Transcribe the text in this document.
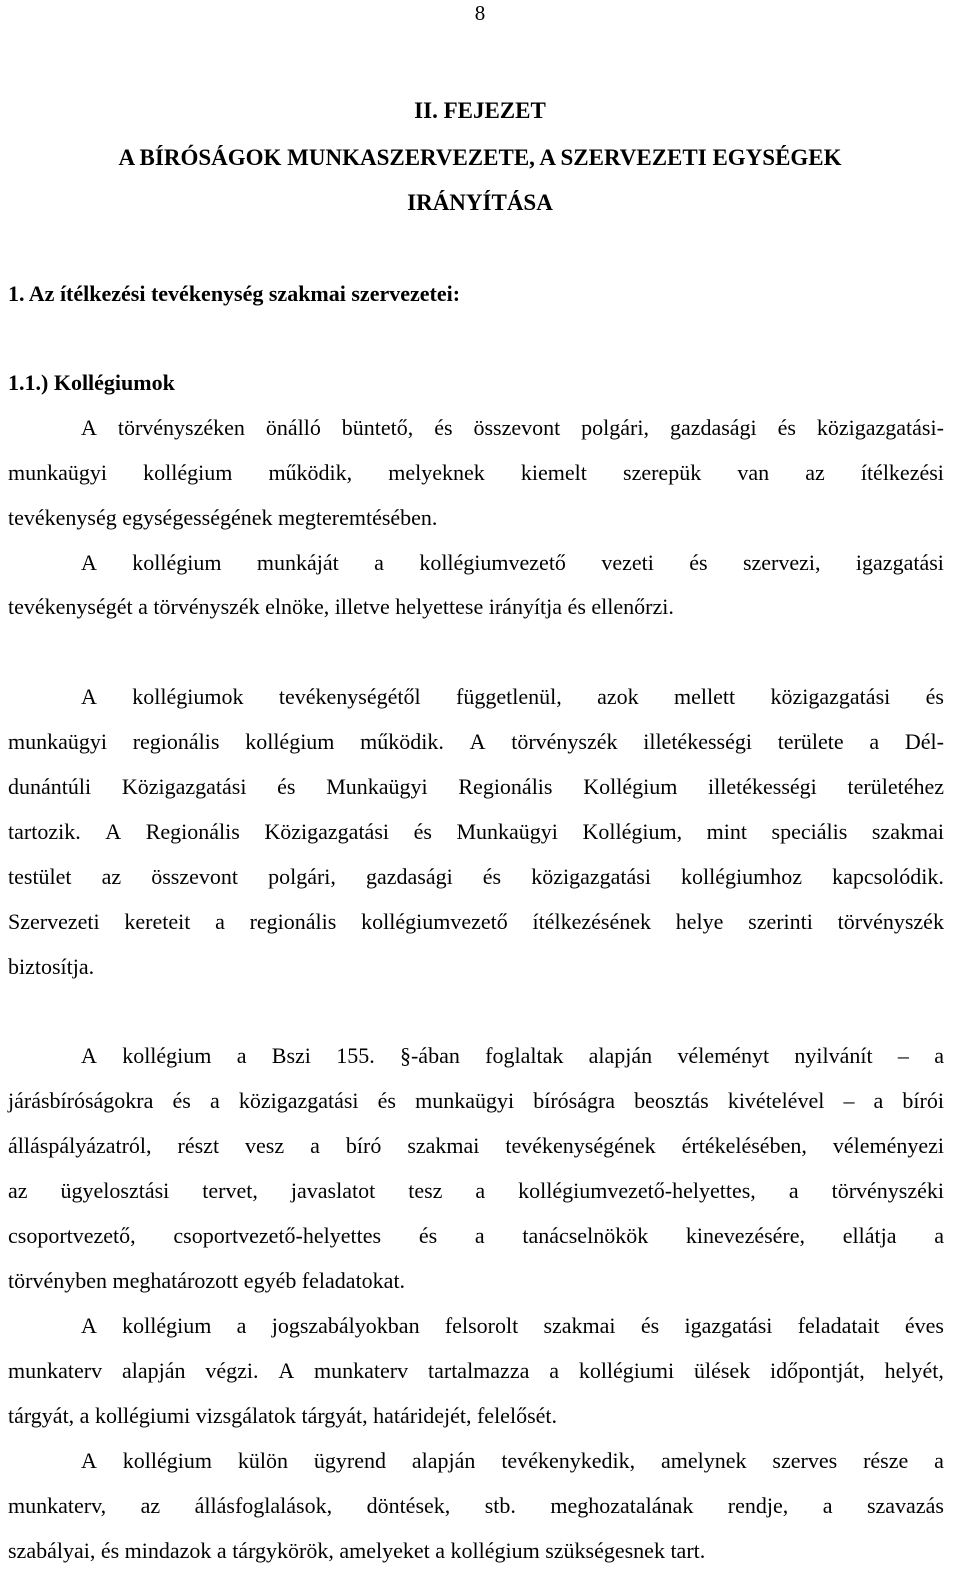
8
II. FEJEZET
A BÍRÓSÁGOK MUNKASZERVEZETE, A SZERVEZETI EGYSÉGEK
IRÁNYÍTÁSA
1. Az ítélkezési tevékenység szakmai szervezetei:
1.1.) Kollégiumok
A törvényszéken önálló büntető, és összevont polgári, gazdasági és közigazgatási-
munkaügyi kollégium működik, melyeknek kiemelt szerepük van az ítélkezési
tevékenység egységességének megteremtésében.
A kollégium munkáját a kollégiumvezető vezeti és szervezi, igazgatási
tevékenységét a törvényszék elnöke, illetve helyettese irányítja és ellenőrzi.
A kollégiumok tevékenységétől függetlenül, azok mellett közigazgatási és
munkaügyi regionális kollégium működik. A törvényszék illetékességi területe a Dél-
dunántúli Közigazgatási és Munkaügyi Regionális Kollégium illetékességi területéhez
tartozik. A Regionális Közigazgatási és Munkaügyi Kollégium, mint speciális szakmai
testület az összevont polgári, gazdasági és közigazgatási kollégiumhoz kapcsolódik.
Szervezeti kereteit a regionális kollégiumvezető ítélkezésének helye szerinti törvényszék
biztosítja.
A kollégium a Bszi 155. §-ában foglaltak alapján véleményt nyilvánít – a
járásbíróságokra és a közigazgatási és munkaügyi bíróságra beosztás kivételével – a bírói
álláspályázatról, részt vesz a bíró szakmai tevékenységének értékelésében, véleményezi
az ügyelosztási tervet, javaslatot tesz a kollégiumvezető-helyettes, a törvényszéki
csoportvezető, csoportvezető-helyettes és a tanácselnökök kinevezésére, ellátja a
törvényben meghatározott egyéb feladatokat.
A kollégium a jogszabályokban felsorolt szakmai és igazgatási feladatait éves
munkaterv alapján végzi. A munkaterv tartalmazza a kollégiumi ülések időpontját, helyét,
tárgyát, a kollégiumi vizsgálatok tárgyát, határidejét, felelősét.
A kollégium külön ügyrend alapján tevékenykedik, amelynek szerves része a
munkaterv, az állásfoglalások, döntések, stb. meghozatalának rendje, a szavazás
szabályai, és mindazok a tárgykörök, amelyeket a kollégium szükségesnek tart.
